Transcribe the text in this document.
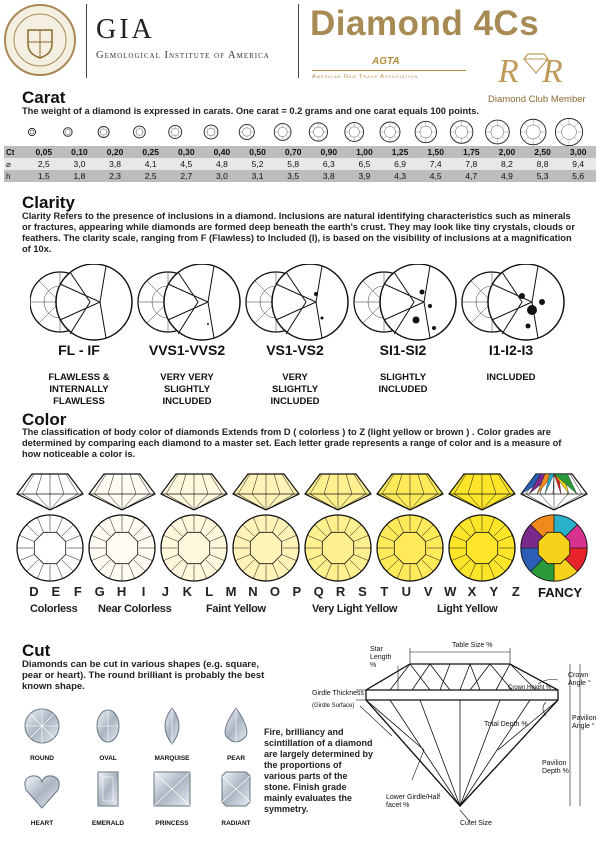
GIA
Gemological Institute of America
Diamond 4Cs
AGTA
American Gem Trade Association R R
Diamond Club Member
Carat
The weight of a diamond is expressed in carats. One carat = 0.2 grams and one carat equals 100 points.
Ct	0,05	0,10	0,20	0,25	0,30	0,40	0,50	0,70	0,90	1,00	1,25	1,50	1,75	2,00	2,50	3,00
⌀	2,5	3,0	3,8	4,1	4,5	4,8	5,2	5,8	6,3	6,5	6,9	7,4	7,8	8,2	8,8	9,4
h	1,5	1,8	2,3	2,5	2,7	3,0	3,1	3,5	3,8	3,9	4,3	4,5	4,7	4,9	5,3	5,6
Clarity
Clarity Refers to the presence of inclusions in a diamond. Inclusions are natural identifying characteristics such as minerals or fractures, appearing while diamonds are formed deep beneath the earth's crust. They may look like tiny crystals, clouds or feathers. The clarity scale, ranging from F (Flawless) to Included (I), is based on the visibility of inclusions at a magnification of 10x.
FL - IF
FLAWLESS &
INTERNALLY
FLAWLESS
VVS1-VVS2
VERY VERY
SLIGHTLY
INCLUDED
VS1-VS2
VERY
SLIGHTLY
INCLUDED
SI1-SI2
SLIGHTLY
INCLUDED
I1-I2-I3
INCLUDED
Color
The classification of body color of diamonds Extends from D ( colorless ) to Z (light yellow or brown ) . Color grades are determined by comparing each diamond to a master set. Each letter grade represents a range of color and is a measure of how noticeable a color is.
D E F G H	I	J K L M N O P Q R S T U V W X Y Z FANCY
Colorless Near Colorless	Faint Yellow	Very Light Yellow	Light Yellow
Cut
Diamonds can be cut in various shapes (e.g. square, pear or heart). The round brilliant is probably the best known shape.
ROUND	OVAL	MARQUISE	PEAR
HEART	EMERALD	PRINCESS	RADIANT
Fire, brilliancy and scintillation of a diamond are largely determined by the proportions of various parts of the stone. Finish grade mainly evaluates the symmetry.
Table Size %
Star Length %
Crown Height %
Crown Angle °
Girdle Thickness
(Girdle Surface)
Total Depth %
Pavilion Angle °
Pavilion Depth %
Lower Girdle/Half facet %
Culet Size
